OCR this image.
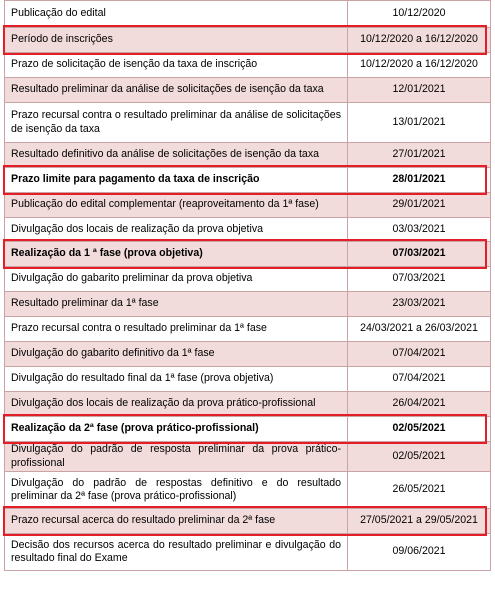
Publicação do edital	10/12/2020
Período de inscrições	10/12/2020 a 16/12/2020
Prazo de solicitação de isenção da taxa de inscrição	10/12/2020 a 16/12/2020
Resultado preliminar da análise de solicitações de isenção da taxa	12/01/2021
Prazo recursal contra o resultado preliminar da análise de solicitações de isenção da taxa	13/01/2021
Resultado definitivo da análise de solicitações de isenção da taxa	27/01/2021
Prazo limite para pagamento da taxa de inscrição	28/01/2021
Publicação do edital complementar (reaproveitamento da 1ª fase)	29/01/2021
Divulgação dos locais de realização da prova objetiva	03/03/2021
Realização da 1 ª fase (prova objetiva)	07/03/2021
Divulgação do gabarito preliminar da prova objetiva	07/03/2021
Resultado preliminar da 1ª fase	23/03/2021
Prazo recursal contra o resultado preliminar da 1ª fase	24/03/2021 a 26/03/2021
Divulgação do gabarito definitivo da 1ª fase	07/04/2021
Divulgação do resultado final da 1ª fase (prova objetiva)	07/04/2021
Divulgação dos locais de realização da prova prático-profissional	26/04/2021
Realização da 2ª fase (prova prático-profissional)	02/05/2021
Divulgação do padrão de resposta preliminar da prova prático-profissional	02/05/2021
Divulgação do padrão de respostas definitivo e do resultado preliminar da 2ª fase (prova prático-profissional)	26/05/2021
Prazo recursal acerca do resultado preliminar da 2ª fase	27/05/2021 a 29/05/2021
Decisão dos recursos acerca do resultado preliminar e divulgação do resultado final do Exame	09/06/2021
